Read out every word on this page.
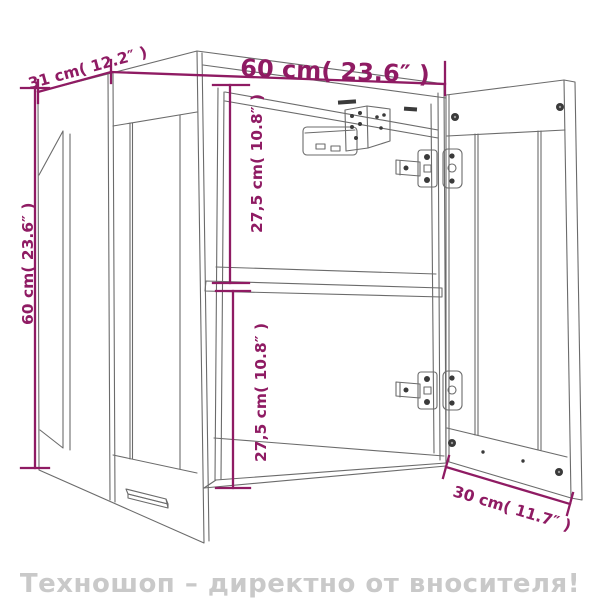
31 cm( 12.2″ )	60 cm( 23.6″ )
60 cm( 23.6″ )
27,5 cm( 10.8″ )
27,5 cm( 10.8″ )
30 cm( 11.7″ )
Техношоп – директно от вносителя!
